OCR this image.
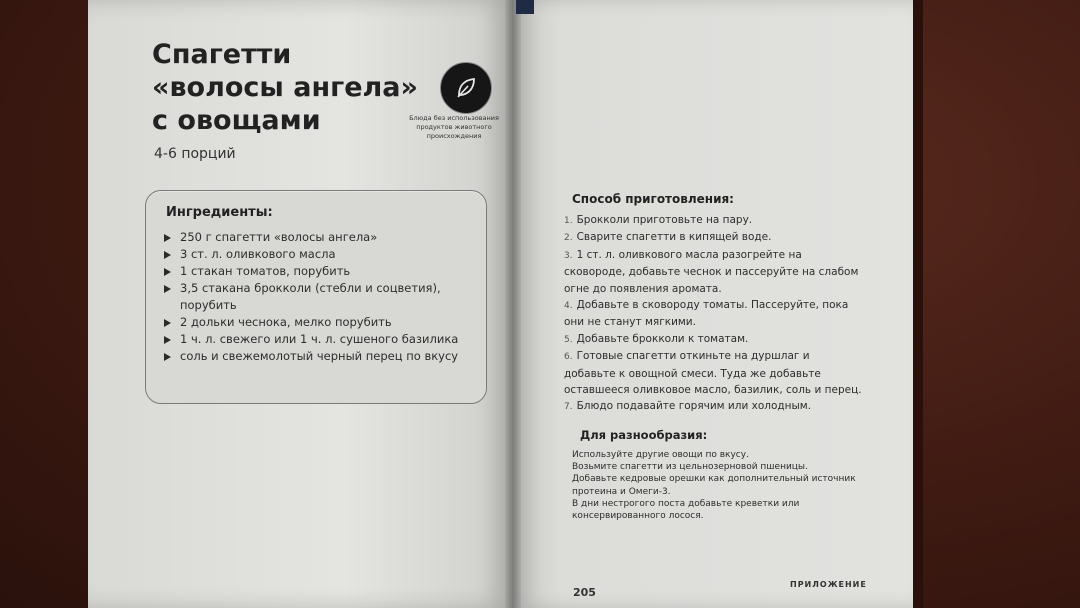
Спагетти
«волосы ангела»
с овощами
4-6 порций
Блюда без использования продуктов животного происхождения
Ингредиенты:
250 г спагетти «волосы ангела»
3 ст. л. оливкового масла
1 стакан томатов, порубить
3,5 стакана брокколи (стебли и соцветия), порубить
2 дольки чеснока, мелко порубить
1 ч. л. свежего или 1 ч. л. сушеного базилика
соль и свежемолотый черный перец по вкусу
Способ приготовления:
1. Брокколи приготовьте на пару.
2. Сварите спагетти в кипящей воде.
3. 1 ст. л. оливкового масла разогрейте на сковороде, добавьте чеснок и пассеруйте на слабом огне до появления аромата.
4. Добавьте в сковороду томаты. Пассеруйте, пока они не станут мягкими.
5. Добавьте брокколи к томатам.
6. Готовые спагетти откиньте на дуршлаг и добавьте к овощной смеси. Туда же добавьте оставшееся оливковое масло, базилик, соль и перец.
7. Блюдо подавайте горячим или холодным.
Для разнообразия:
Используйте другие овощи по вкусу.
Возьмите спагетти из цельнозерновой пшеницы.
Добавьте кедровые орешки как дополнительный источник протеина и Омеги-3.
В дни нестрогого поста добавьте креветки или консервированного лосося.
205
ПРИЛОЖЕНИЕ
